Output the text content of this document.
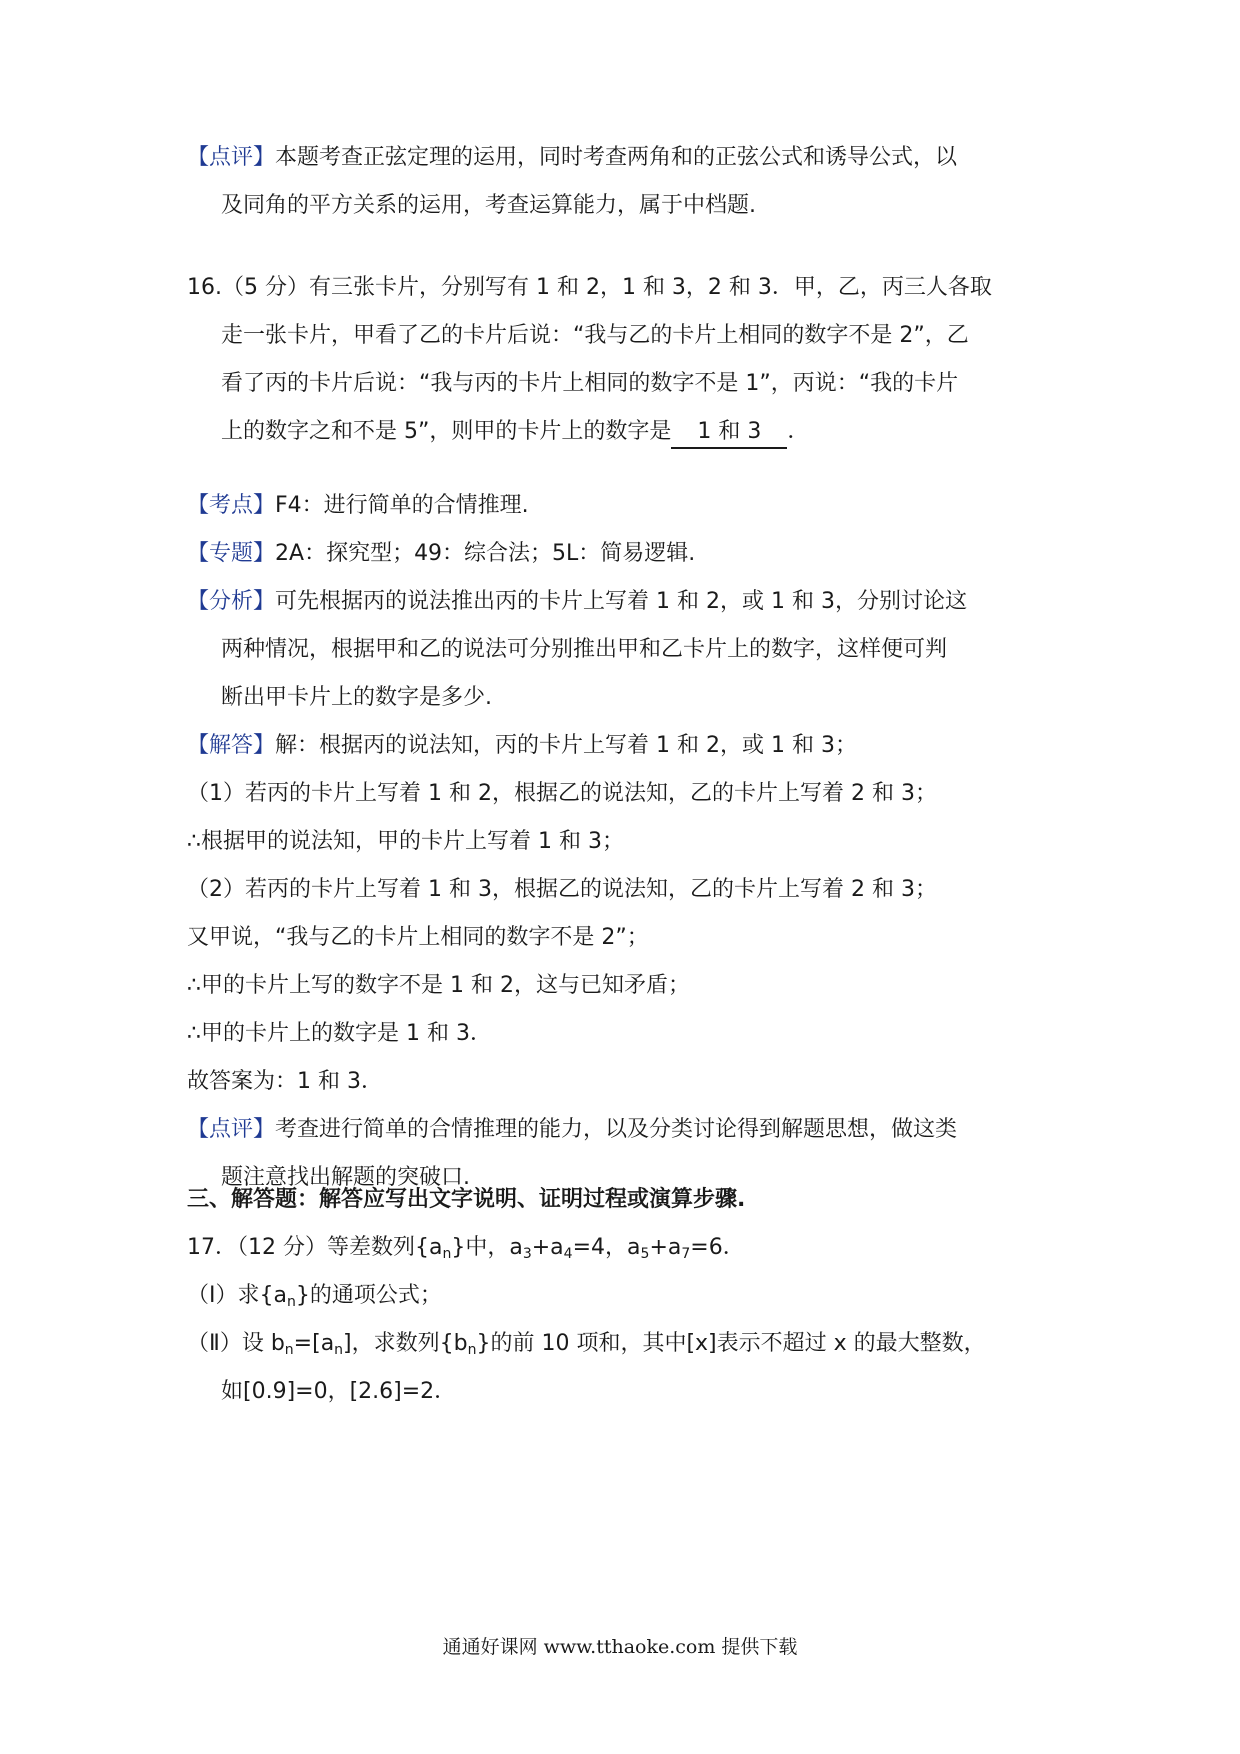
【点评】本题考查正弦定理的运用，同时考查两角和的正弦公式和诱导公式，以
及同角的平方关系的运用，考查运算能力，属于中档题.
16.（5 分）有三张卡片，分别写有 1 和 2，1 和 3，2 和 3．甲，乙，丙三人各取
走一张卡片，甲看了乙的卡片后说：“我与乙的卡片上相同的数字不是 2”，乙
看了丙的卡片后说：“我与丙的卡片上相同的数字不是 1”，丙说：“我的卡片
上的数字之和不是 5”，则甲的卡片上的数字是 1 和 3 ．
【考点】F4：进行简单的合情推理.
【专题】2A：探究型；49：综合法；5L：简易逻辑.
【分析】可先根据丙的说法推出丙的卡片上写着 1 和 2，或 1 和 3，分别讨论这
两种情况，根据甲和乙的说法可分别推出甲和乙卡片上的数字，这样便可判
断出甲卡片上的数字是多少.
【解答】解：根据丙的说法知，丙的卡片上写着 1 和 2，或 1 和 3；
（1）若丙的卡片上写着 1 和 2，根据乙的说法知，乙的卡片上写着 2 和 3；
∴根据甲的说法知，甲的卡片上写着 1 和 3；
（2）若丙的卡片上写着 1 和 3，根据乙的说法知，乙的卡片上写着 2 和 3；
又甲说，“我与乙的卡片上相同的数字不是 2”；
∴甲的卡片上写的数字不是 1 和 2，这与已知矛盾；
∴甲的卡片上的数字是 1 和 3．
故答案为：1 和 3．
【点评】考查进行简单的合情推理的能力，以及分类讨论得到解题思想，做这类
题注意找出解题的突破口.
三、解答题：解答应写出文字说明、证明过程或演算步骤.
17．（12 分）等差数列$\{a_n\}$中，$a_3+a_4=4$，$a_5+a_7=6$．
（Ⅰ）求$\{a_n\}$的通项公式；
（Ⅱ）设 $b_n=[a_n]$，求数列$\{b_n\}$的前 10 项和，其中[x]表示不超过 x 的最大整数，
如[0.9]=0，[2.6]=2．
通通好课网 www.tthaoke.com 提供下载
